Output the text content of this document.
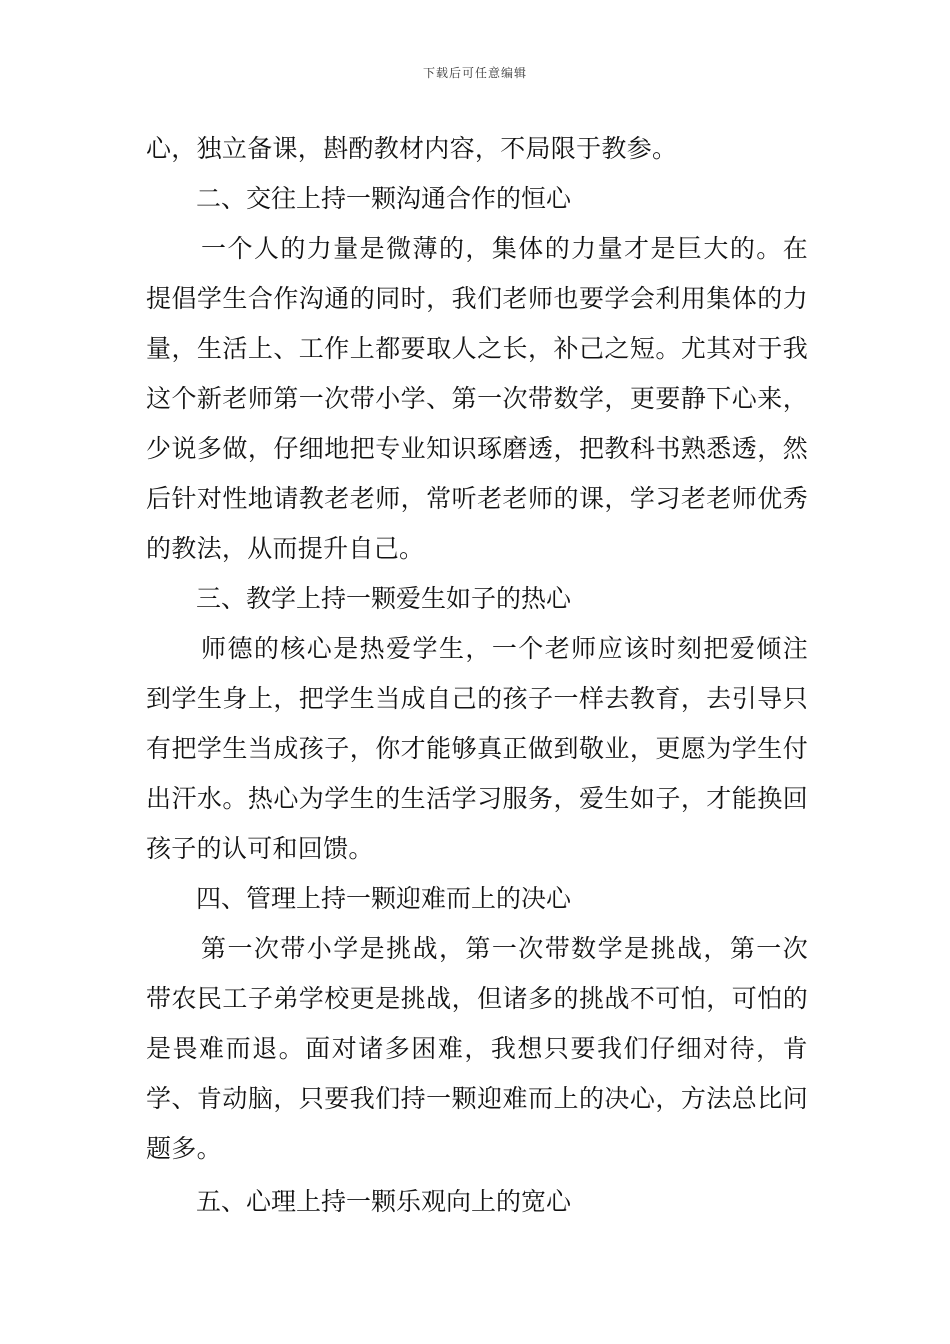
下载后可任意编辑

心，独立备课，斟酌教材内容，不局限于教参。

二、交往上持一颗沟通合作的恒心

一个人的力量是微薄的，集体的力量才是巨大的。在提倡学生合作沟通的同时，我们老师也要学会利用集体的力量，生活上、工作上都要取人之长，补己之短。尤其对于我这个新老师第一次带小学、第一次带数学，更要静下心来，少说多做，仔细地把专业知识琢磨透，把教科书熟悉透，然后针对性地请教老老师，常听老老师的课，学习老老师优秀的教法，从而提升自己。

三、教学上持一颗爱生如子的热心

师德的核心是热爱学生，一个老师应该时刻把爱倾注到学生身上，把学生当成自己的孩子一样去教育，去引导只有把学生当成孩子，你才能够真正做到敬业，更愿为学生付出汗水。热心为学生的生活学习服务，爱生如子，才能换回孩子的认可和回馈。

四、管理上持一颗迎难而上的决心

第一次带小学是挑战，第一次带数学是挑战，第一次带农民工子弟学校更是挑战，但诸多的挑战不可怕，可怕的是畏难而退。面对诸多困难，我想只要我们仔细对待，肯学、肯动脑，只要我们持一颗迎难而上的决心，方法总比问题多。

五、心理上持一颗乐观向上的宽心
